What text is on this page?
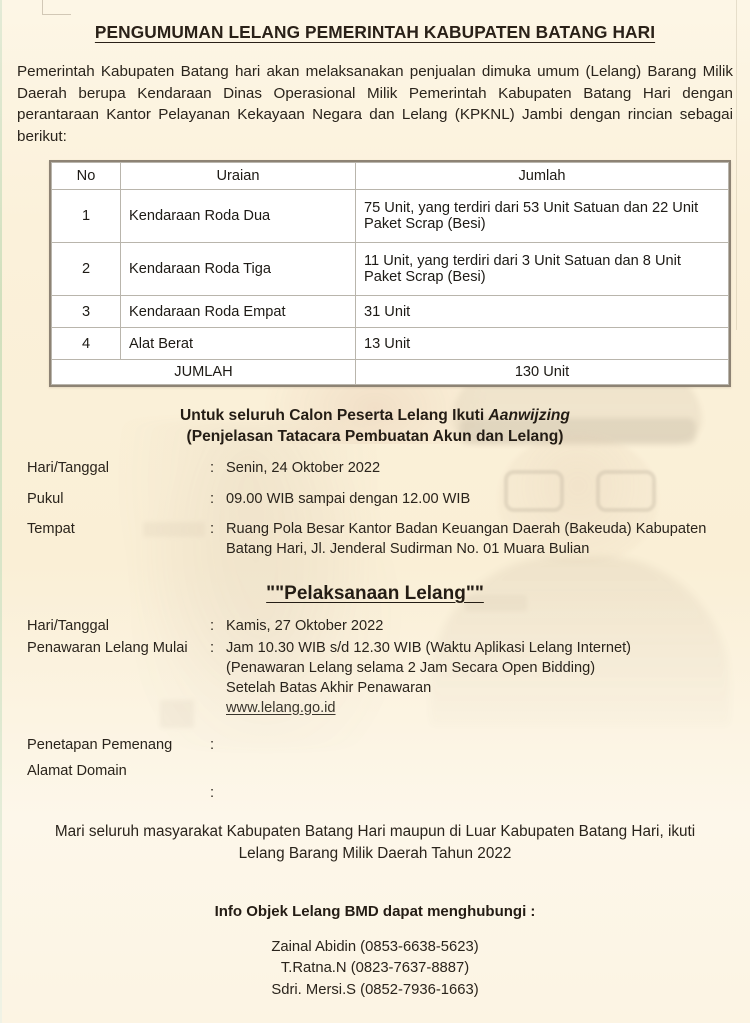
PENGUMUMAN LELANG PEMERINTAH KABUPATEN BATANG HARI

Pemerintah Kabupaten Batang hari akan melaksanakan penjualan dimuka umum (Lelang) Barang Milik Daerah berupa Kendaraan Dinas Operasional Milik Pemerintah Kabupaten Batang Hari dengan perantaraan Kantor Pelayanan Kekayaan Negara dan Lelang (KPKNL) Jambi dengan rincian sebagai berikut:

No	Uraian	Jumlah
1	Kendaraan Roda Dua	75 Unit, yang terdiri dari 53 Unit Satuan dan 22 Unit Paket Scrap (Besi)
2	Kendaraan Roda Tiga	11 Unit, yang terdiri dari 3 Unit Satuan dan 8 Unit Paket Scrap (Besi)
3	Kendaraan Roda Empat	31 Unit
4	Alat Berat	13 Unit
JUMLAH		130 Unit
Untuk seluruh Calon Peserta Lelang Ikuti Aanwijzing
(Penjelasan Tatacara Pembuatan Akun dan Lelang)
Hari/Tanggal	: Senin, 24 Oktober 2022
Pukul	: 09.00 WIB sampai dengan 12.00 WIB
Tempat	: Ruang Pola Besar Kantor Badan Keuangan Daerah (Bakeuda) Kabupaten
Batang Hari, Jl. Jenderal Sudirman No. 01 Muara Bulian
""Pelaksanaan Lelang""
Hari/Tanggal	: Kamis, 27 Oktober 2022
Penawaran Lelang Mulai	: Jam 10.30 WIB s/d 12.30 WIB (Waktu Aplikasi Lelang Internet)
(Penawaran Lelang selama 2 Jam Secara Open Bidding)
Setelah Batas Akhir Penawaran
www.lelang.go.id
Penetapan Pemenang	:
Alamat Domain
:
Mari seluruh masyarakat Kabupaten Batang Hari maupun di Luar Kabupaten Batang Hari, ikuti Lelang Barang Milik Daerah Tahun 2022
Info Objek Lelang BMD dapat menghubungi :
Zainal Abidin (0853-6638-5623)
T.Ratna.N (0823-7637-8887)
Sdri. Mersi.S (0852-7936-1663)
